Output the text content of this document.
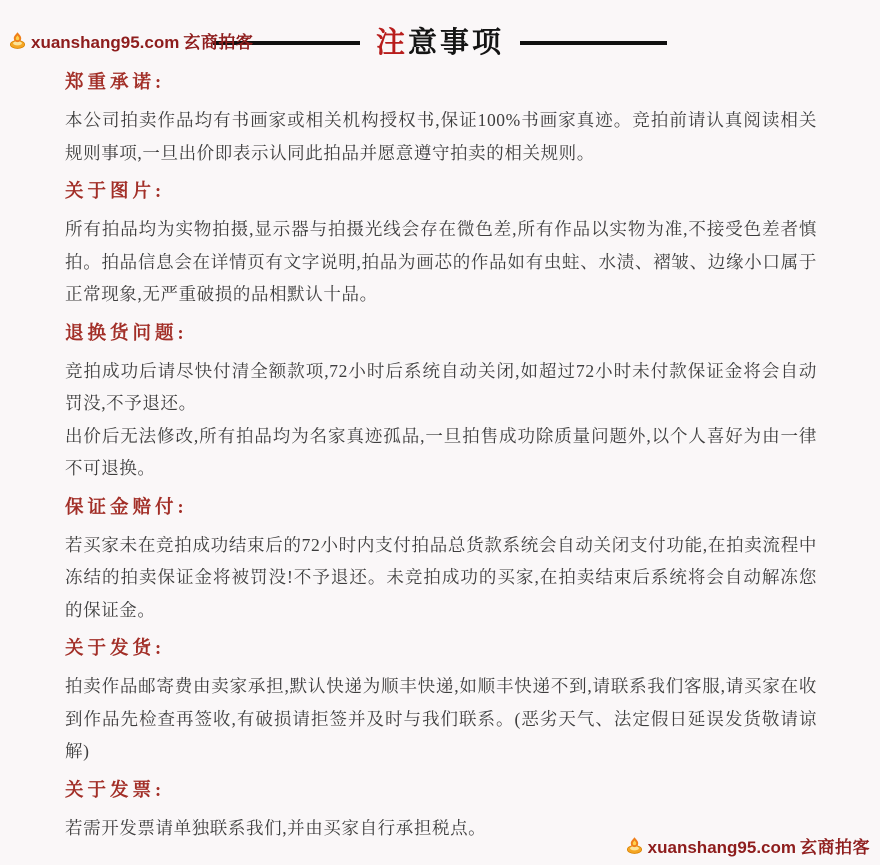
xuanshang95.com 玄商拍客	注意事项
郑重承诺:

本公司拍卖作品均有书画家或相关机构授权书,保证100%书画家真迹。竞拍前请认真阅读相关规则事项,一旦出价即表示认同此拍品并愿意遵守拍卖的相关规则。

关于图片:

所有拍品均为实物拍摄,显示器与拍摄光线会存在微色差,所有作品以实物为准,不接受色差者慎拍。拍品信息会在详情页有文字说明,拍品为画芯的作品如有虫蛀、水渍、褶皱、边缘小口属于正常现象,无严重破损的品相默认十品。

退换货问题:

竞拍成功后请尽快付清全额款项,72小时后系统自动关闭,如超过72小时未付款保证金将会自动罚没,不予退还。

出价后无法修改,所有拍品均为名家真迹孤品,一旦拍售成功除质量问题外,以个人喜好为由一律不可退换。

保证金赔付:

若买家未在竞拍成功结束后的72小时内支付拍品总货款系统会自动关闭支付功能,在拍卖流程中冻结的拍卖保证金将被罚没!不予退还。未竞拍成功的买家,在拍卖结束后系统将会自动解冻您的保证金。

关于发货:

拍卖作品邮寄费由卖家承担,默认快递为顺丰快递,如顺丰快递不到,请联系我们客服,请买家在收到作品先检查再签收,有破损请拒签并及时与我们联系。(恶劣天气、法定假日延误发货敬请谅解)

关于发票:

若需开发票请单独联系我们,并由买家自行承担税点。

xuanshang95.com 玄商拍客
